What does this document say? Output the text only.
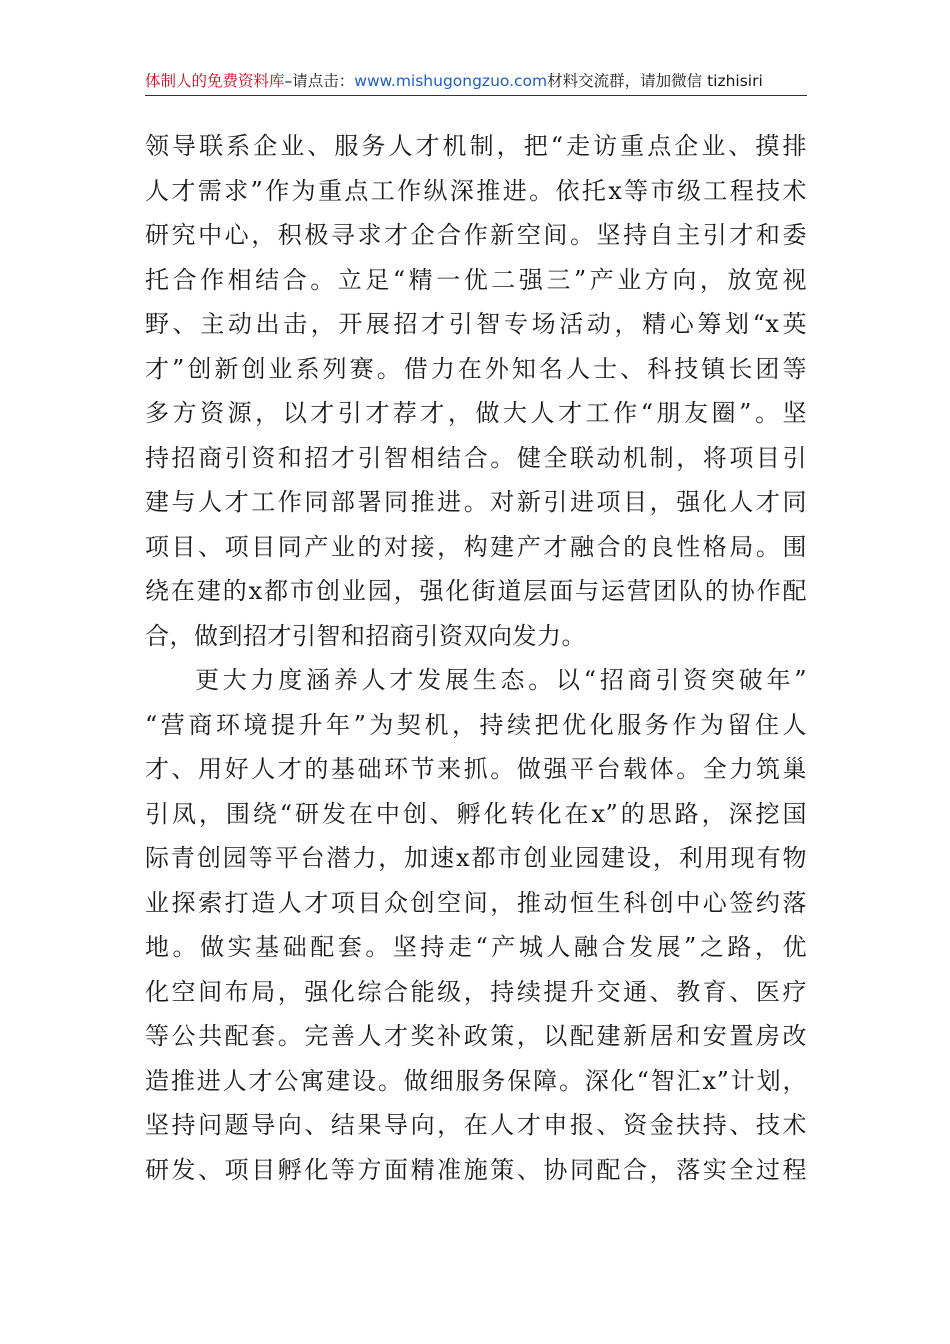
体制人的免费资料库–请点击：www.mishugongzuo.com材料交流群，请加微信 tizhisiri
领导联系企业、服务人才机制，把“走访重点企业、摸排
人才需求”作为重点工作纵深推进。依托x等市级工程技术
研究中心，积极寻求才企合作新空间。坚持自主引才和委
托合作相结合。立足“精一优二强三”产业方向，放宽视
野、主动出击，开展招才引智专场活动，精心筹划“x英
才”创新创业系列赛。借力在外知名人士、科技镇长团等
多方资源，以才引才荐才，做大人才工作“朋友圈”。坚
持招商引资和招才引智相结合。健全联动机制，将项目引
建与人才工作同部署同推进。对新引进项目，强化人才同
项目、项目同产业的对接，构建产才融合的良性格局。围
绕在建的x都市创业园，强化街道层面与运营团队的协作配
合，做到招才引智和招商引资双向发力。
更大力度涵养人才发展生态。以“招商引资突破年”
“营商环境提升年”为契机，持续把优化服务作为留住人
才、用好人才的基础环节来抓。做强平台载体。全力筑巢
引凤，围绕“研发在中创、孵化转化在x”的思路，深挖国
际青创园等平台潜力，加速x都市创业园建设，利用现有物
业探索打造人才项目众创空间，推动恒生科创中心签约落
地。做实基础配套。坚持走“产城人融合发展”之路，优
化空间布局，强化综合能级，持续提升交通、教育、医疗
等公共配套。完善人才奖补政策，以配建新居和安置房改
造推进人才公寓建设。做细服务保障。深化“智汇x”计划，
坚持问题导向、结果导向，在人才申报、资金扶持、技术
研发、项目孵化等方面精准施策、协同配合，落实全过程
